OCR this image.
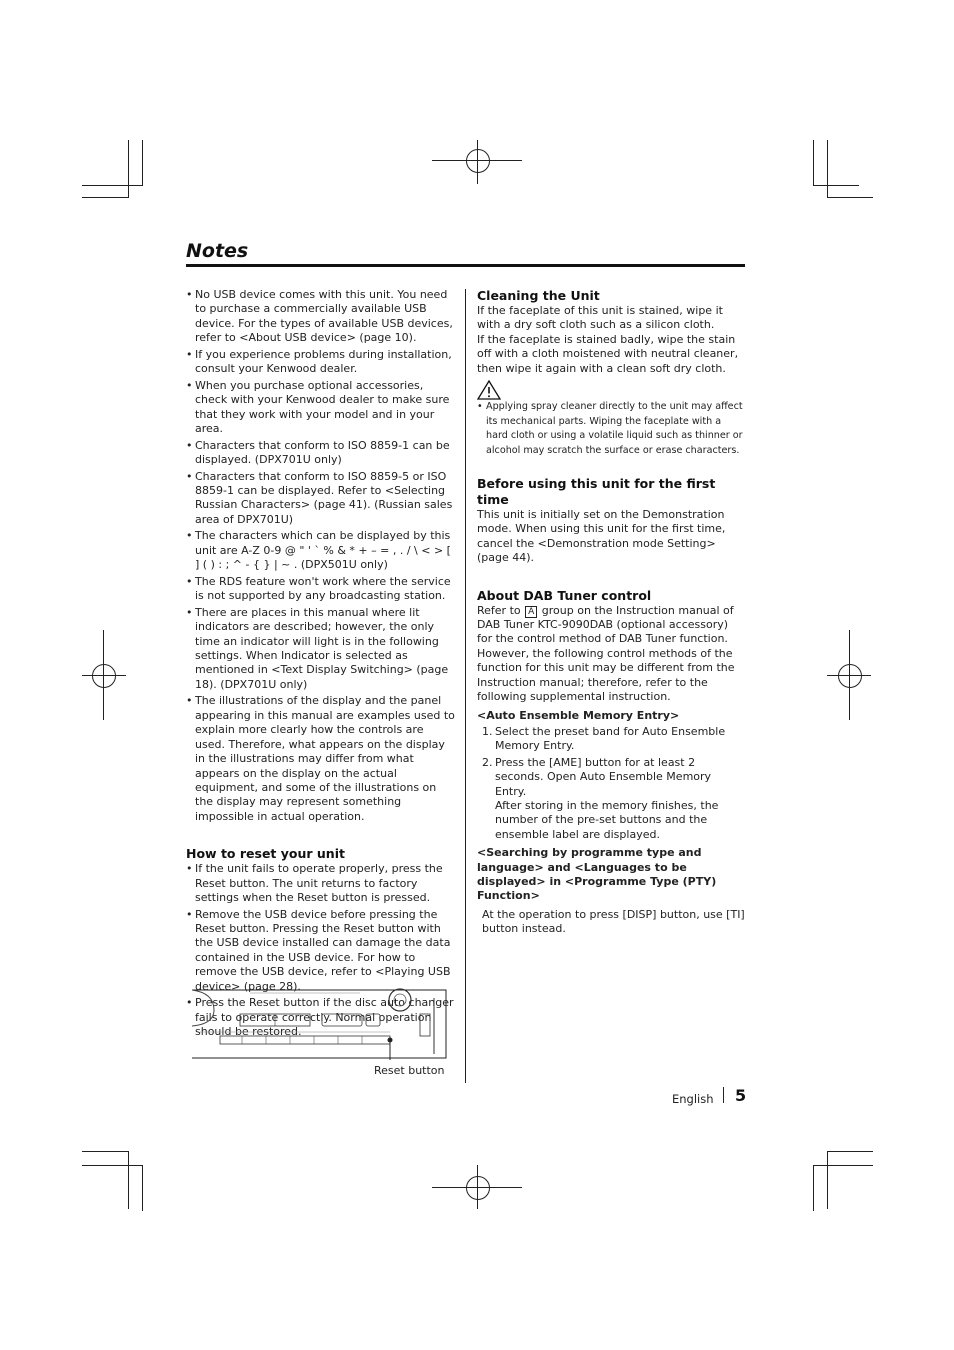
Notes
• No USB device comes with this unit. You need to purchase a commercially available USB device. For the types of available USB devices, refer to <About USB device> (page 10).
• If you experience problems during installation, consult your Kenwood dealer.
• When you purchase optional accessories, check with your Kenwood dealer to make sure that they work with your model and in your area.
• Characters that conform to ISO 8859-1 can be displayed. (DPX701U only)
• Characters that conform to ISO 8859-5 or ISO 8859-1 can be displayed. Refer to <Selecting Russian Characters> (page 41). (Russian sales area of DPX701U)
• The characters which can be displayed by this unit are A-Z 0-9 @ " ' ` % & * + – = , . / \ < > [ ] ( ) : ; ^ - { } | ~ . (DPX501U only)
• The RDS feature won't work where the service is not supported by any broadcasting station.
• There are places in this manual where lit indicators are described; however, the only time an indicator will light is in the following settings. When Indicator is selected as mentioned in <Text Display Switching> (page 18). (DPX701U only)
• The illustrations of the display and the panel appearing in this manual are examples used to explain more clearly how the controls are used. Therefore, what appears on the display in the illustrations may differ from what appears on the display on the actual equipment, and some of the illustrations on the display may represent something impossible in actual operation.
How to reset your unit
• If the unit fails to operate properly, press the Reset button. The unit returns to factory settings when the Reset button is pressed.
• Remove the USB device before pressing the Reset button. Pressing the Reset button with the USB device installed can damage the data contained in the USB device. For how to remove the USB device, refer to <Playing USB device> (page 28).
• Press the Reset button if the disc auto changer fails to operate correctly. Normal operation should be restored.
Reset button
Cleaning the Unit

If the faceplate of this unit is stained, wipe it with a dry soft cloth such as a silicon cloth.

If the faceplate is stained badly, wipe the stain off with a cloth moistened with neutral cleaner, then wipe it again with a clean soft dry cloth.

• Applying spray cleaner directly to the unit may affect its mechanical parts. Wiping the faceplate with a hard cloth or using a volatile liquid such as thinner or alcohol may scratch the surface or erase characters.
Before using this unit for the first time

This unit is initially set on the Demonstration mode. When using this unit for the first time, cancel the <Demonstration mode Setting> (page 44).

About DAB Tuner control

Refer to A group on the Instruction manual of DAB Tuner KTC-9090DAB (optional accessory) for the control method of DAB Tuner function.

However, the following control methods of the function for this unit may be different from the Instruction manual; therefore, refer to the following supplemental instruction.

<Auto Ensemble Memory Entry>

1. Select the preset band for Auto Ensemble Memory Entry.
2. Press the [AME] button for at least 2 seconds. Open Auto Ensemble Memory Entry.
After storing in the memory finishes, the number of the pre-set buttons and the ensemble label are displayed.

<Searching by programme type and language> and <Languages to be displayed> in <Programme Type (PTY) Function>

At the operation to press [DISP] button, use [TI] button instead.

English 5
